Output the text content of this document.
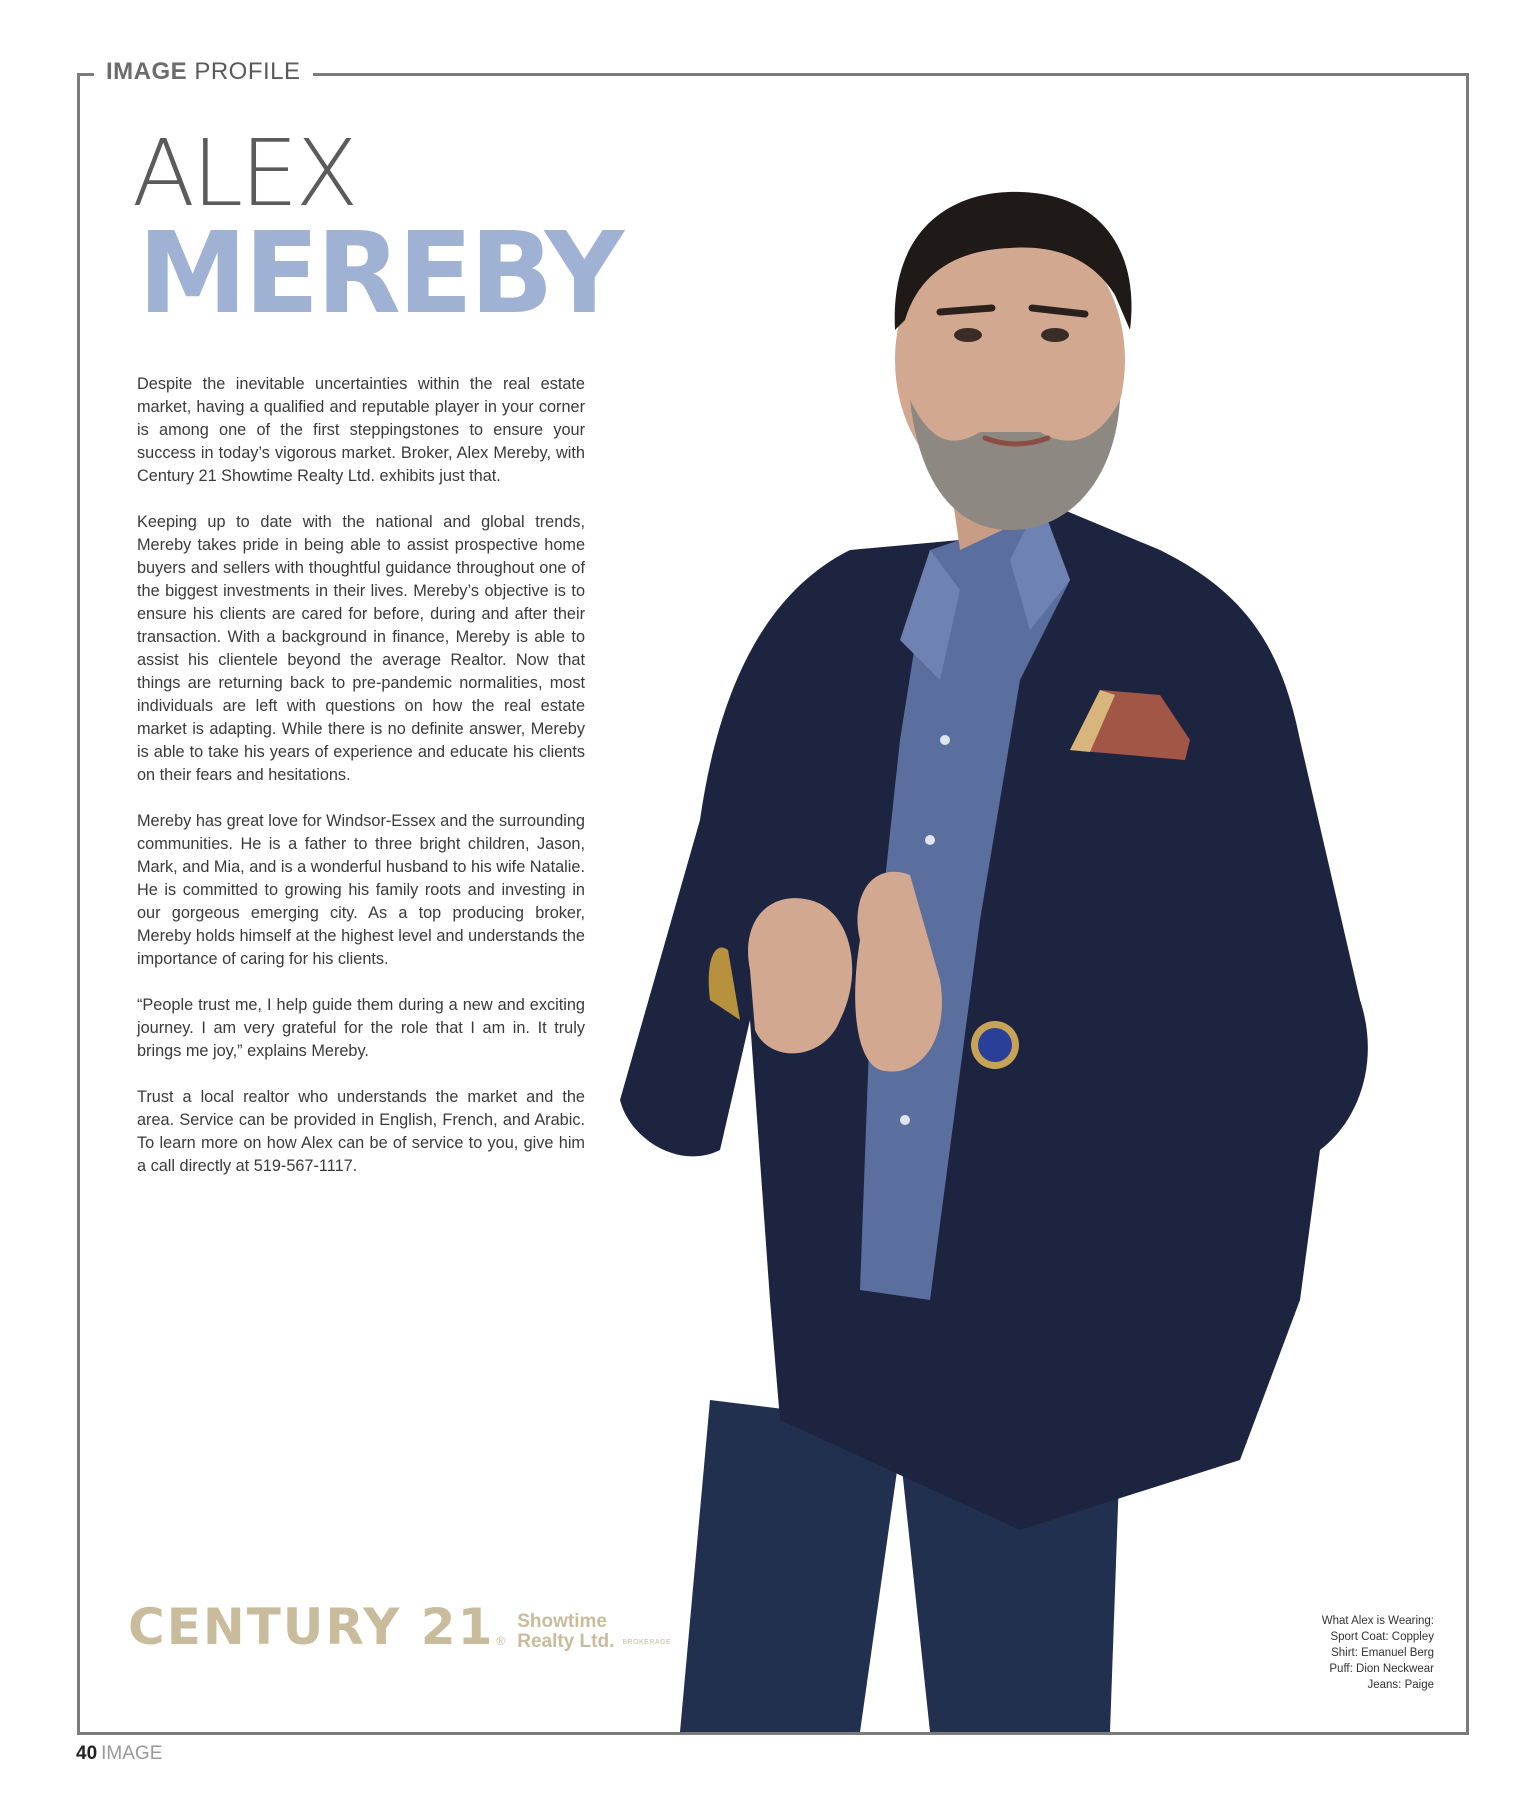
IMAGE PROFILE
ALEX
MEREBY

Despite the inevitable uncertainties within the real estate market, having a qualified and reputable player in your corner is among one of the first steppingstones to ensure your success in today’s vigorous market. Broker, Alex Mereby, with Century 21 Showtime Realty Ltd. exhibits just that.

Keeping up to date with the national and global trends, Mereby takes pride in being able to assist prospective home buyers and sellers with thoughtful guidance throughout one of the biggest investments in their lives. Mereby’s objective is to ensure his clients are cared for before, during and after their transaction. With a background in finance, Mereby is able to assist his clientele beyond the average Realtor. Now that things are returning back to pre-pandemic normalities, most individuals are left with questions on how the real estate market is adapting. While there is no definite answer, Mereby is able to take his years of experience and educate his clients on their fears and hesitations.

Mereby has great love for Windsor-Essex and the surrounding communities. He is a father to three bright children, Jason, Mark, and Mia, and is a wonderful husband to his wife Natalie. He is committed to growing his family roots and investing in our gorgeous emerging city. As a top producing broker, Mereby holds himself at the highest level and understands the importance of caring for his clients.

“People trust me, I help guide them during a new and exciting journey. I am very grateful for the role that I am in. It truly brings me joy,” explains Mereby.

Trust a local realtor who understands the market and the area. Service can be provided in English, French, and Arabic. To learn more on how Alex can be of service to you, give him a call directly at 519-567-1117.

CENTURY 21 ®
Showtime
Realty Ltd. BROKERAGE
What Alex is Wearing:
Sport Coat: Coppley
Shirt: Emanuel Berg
Puff: Dion Neckwear
Jeans: Paige
40 IMAGE
